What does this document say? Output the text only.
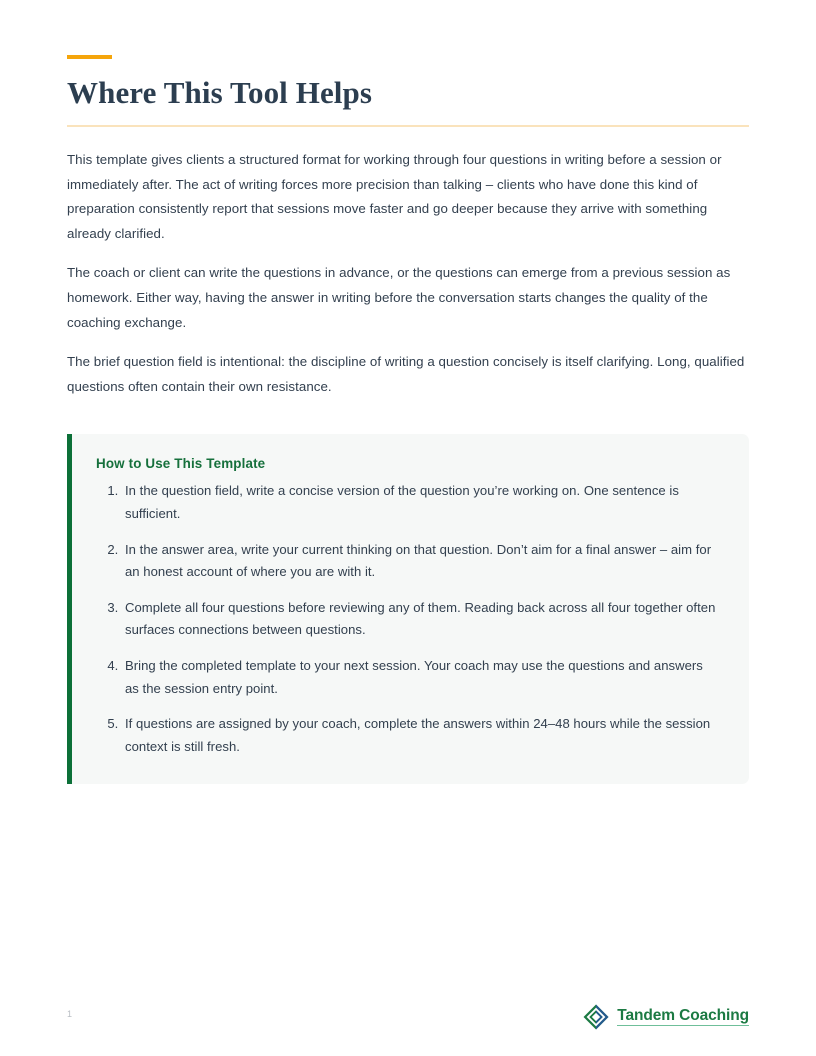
Where This Tool Helps

This template gives clients a structured format for working through four questions in writing before a session or immediately after. The act of writing forces more precision than talking – clients who have done this kind of preparation consistently report that sessions move faster and go deeper because they arrive with something already clarified.

The coach or client can write the questions in advance, or the questions can emerge from a previous session as homework. Either way, having the answer in writing before the conversation starts changes the quality of the coaching exchange.

The brief question field is intentional: the discipline of writing a question concisely is itself clarifying. Long, qualified questions often contain their own resistance.

How to Use This Template
1. In the question field, write a concise version of the question you’re working on. One sentence is sufficient.
2. In the answer area, write your current thinking on that question. Don’t aim for a final answer – aim for an honest account of where you are with it.
3. Complete all four questions before reviewing any of them. Reading back across all four together often surfaces connections between questions.
4. Bring the completed template to your next session. Your coach may use the questions and answers as the session entry point.
5. If questions are assigned by your coach, complete the answers within 24–48 hours while the session context is still fresh.
1	Tandem Coaching
